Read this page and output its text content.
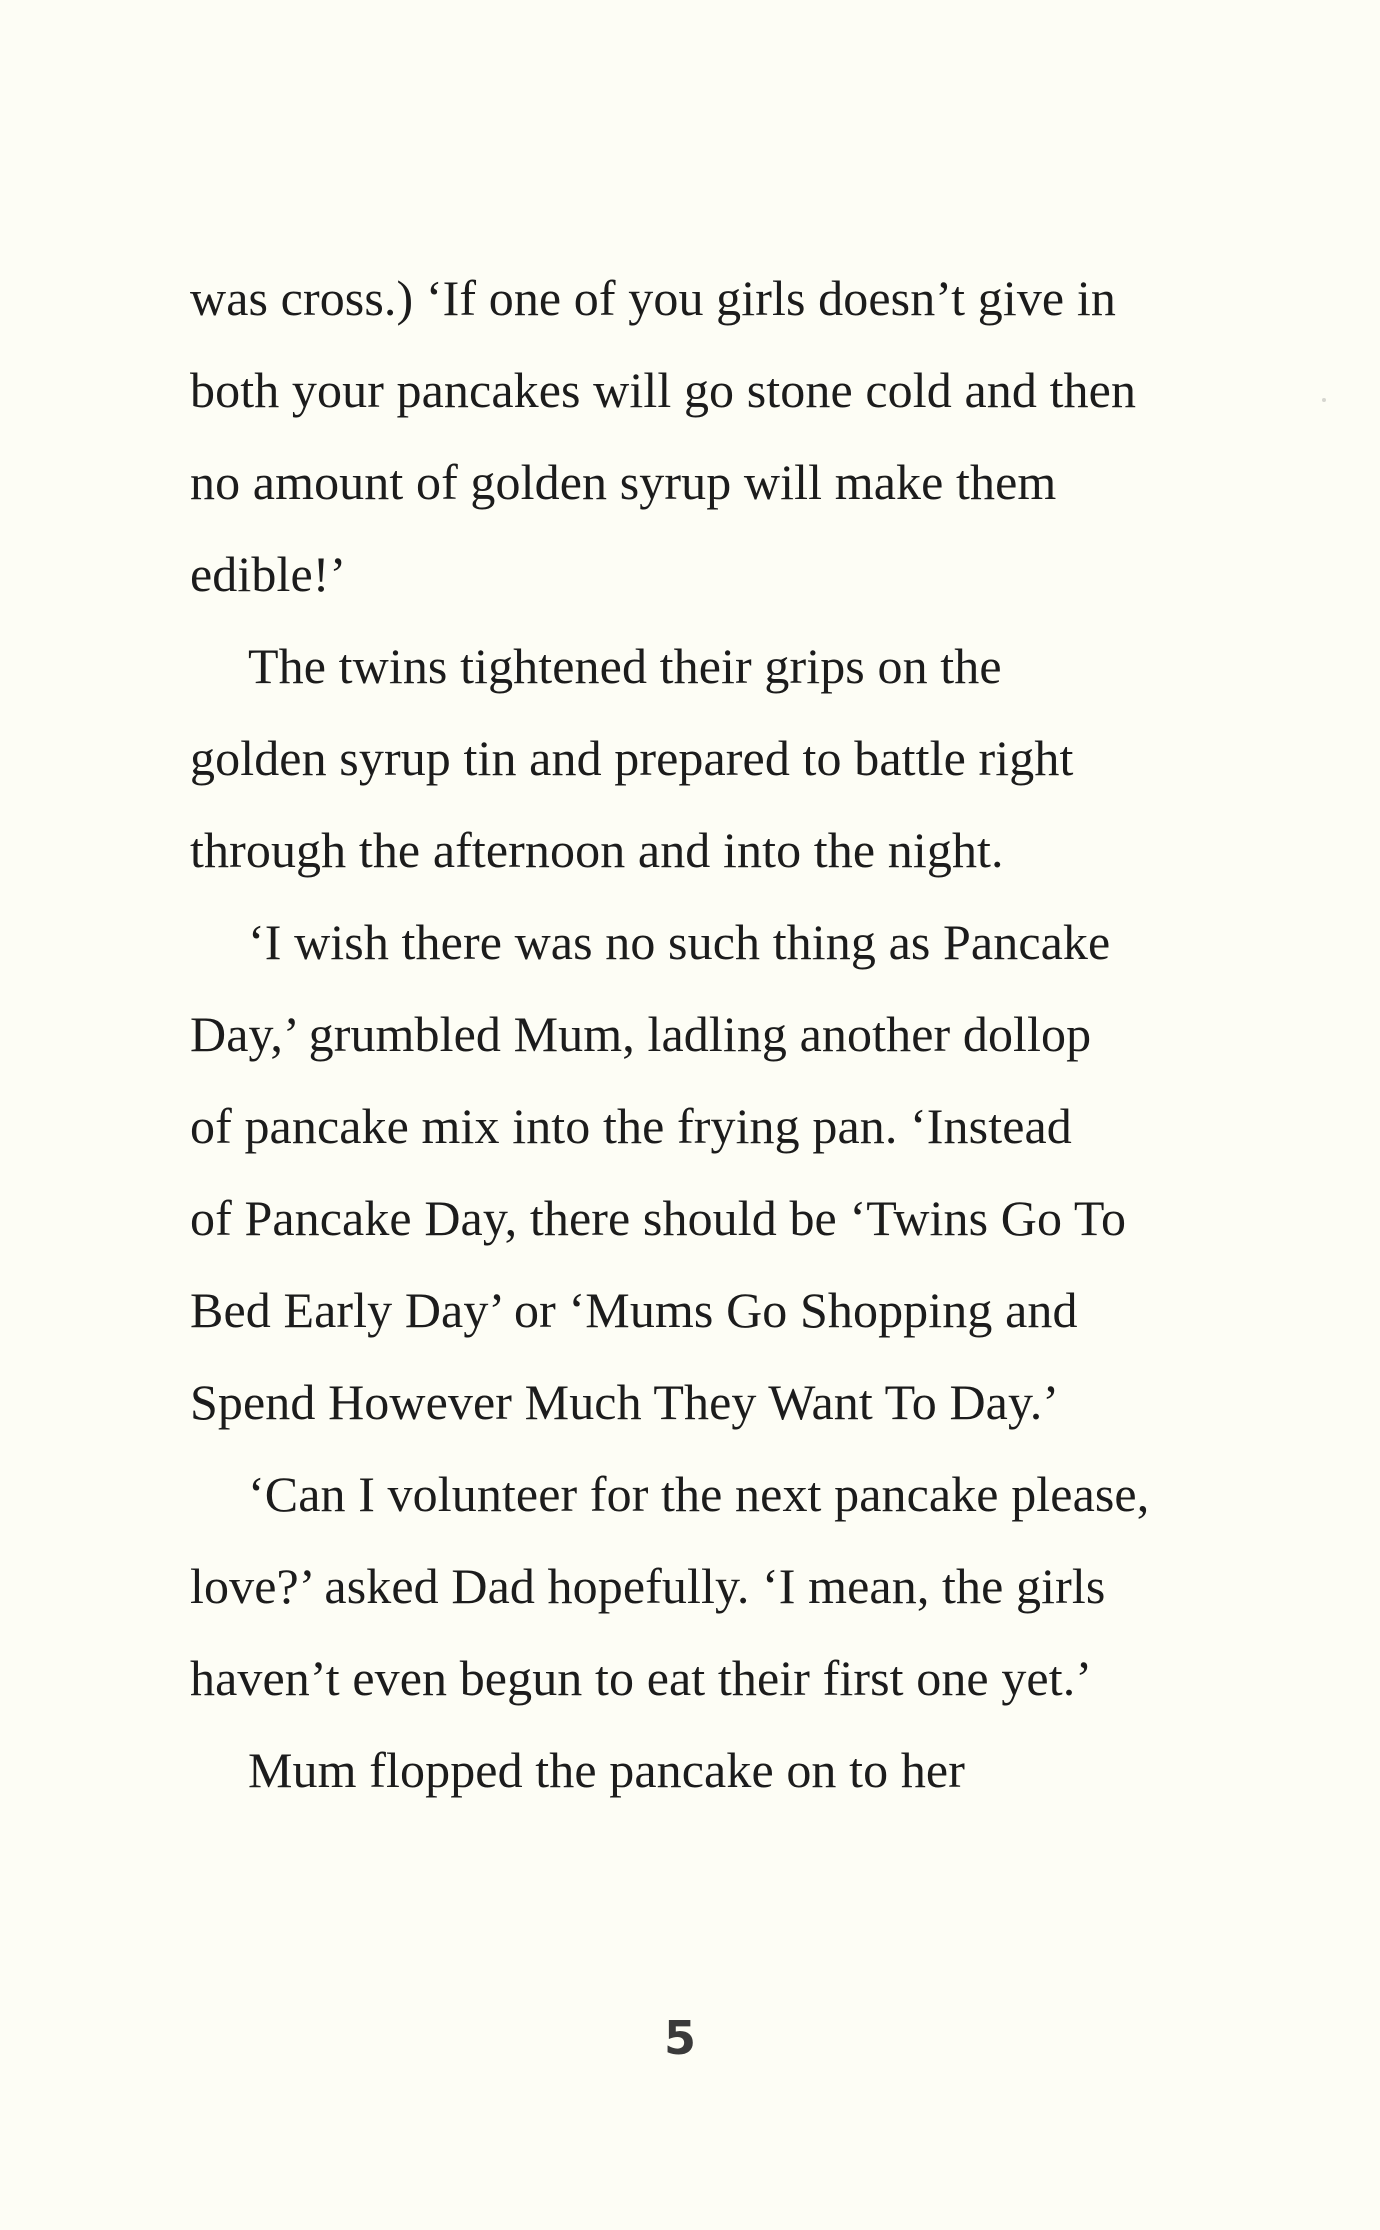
was cross.) ‘If one of you girls doesn’t give in
both your pancakes will go stone cold and then
no amount of golden syrup will make them
edible!’
The twins tightened their grips on the
golden syrup tin and prepared to battle right
through the afternoon and into the night.
‘I wish there was no such thing as Pancake
Day,’ grumbled Mum, ladling another dollop
of pancake mix into the frying pan. ‘Instead
of Pancake Day, there should be ‘Twins Go To
Bed Early Day’ or ‘Mums Go Shopping and
Spend However Much They Want To Day.’
‘Can I volunteer for the next pancake please,
love?’ asked Dad hopefully. ‘I mean, the girls
haven’t even begun to eat their first one yet.’
Mum flopped the pancake on to her
5
